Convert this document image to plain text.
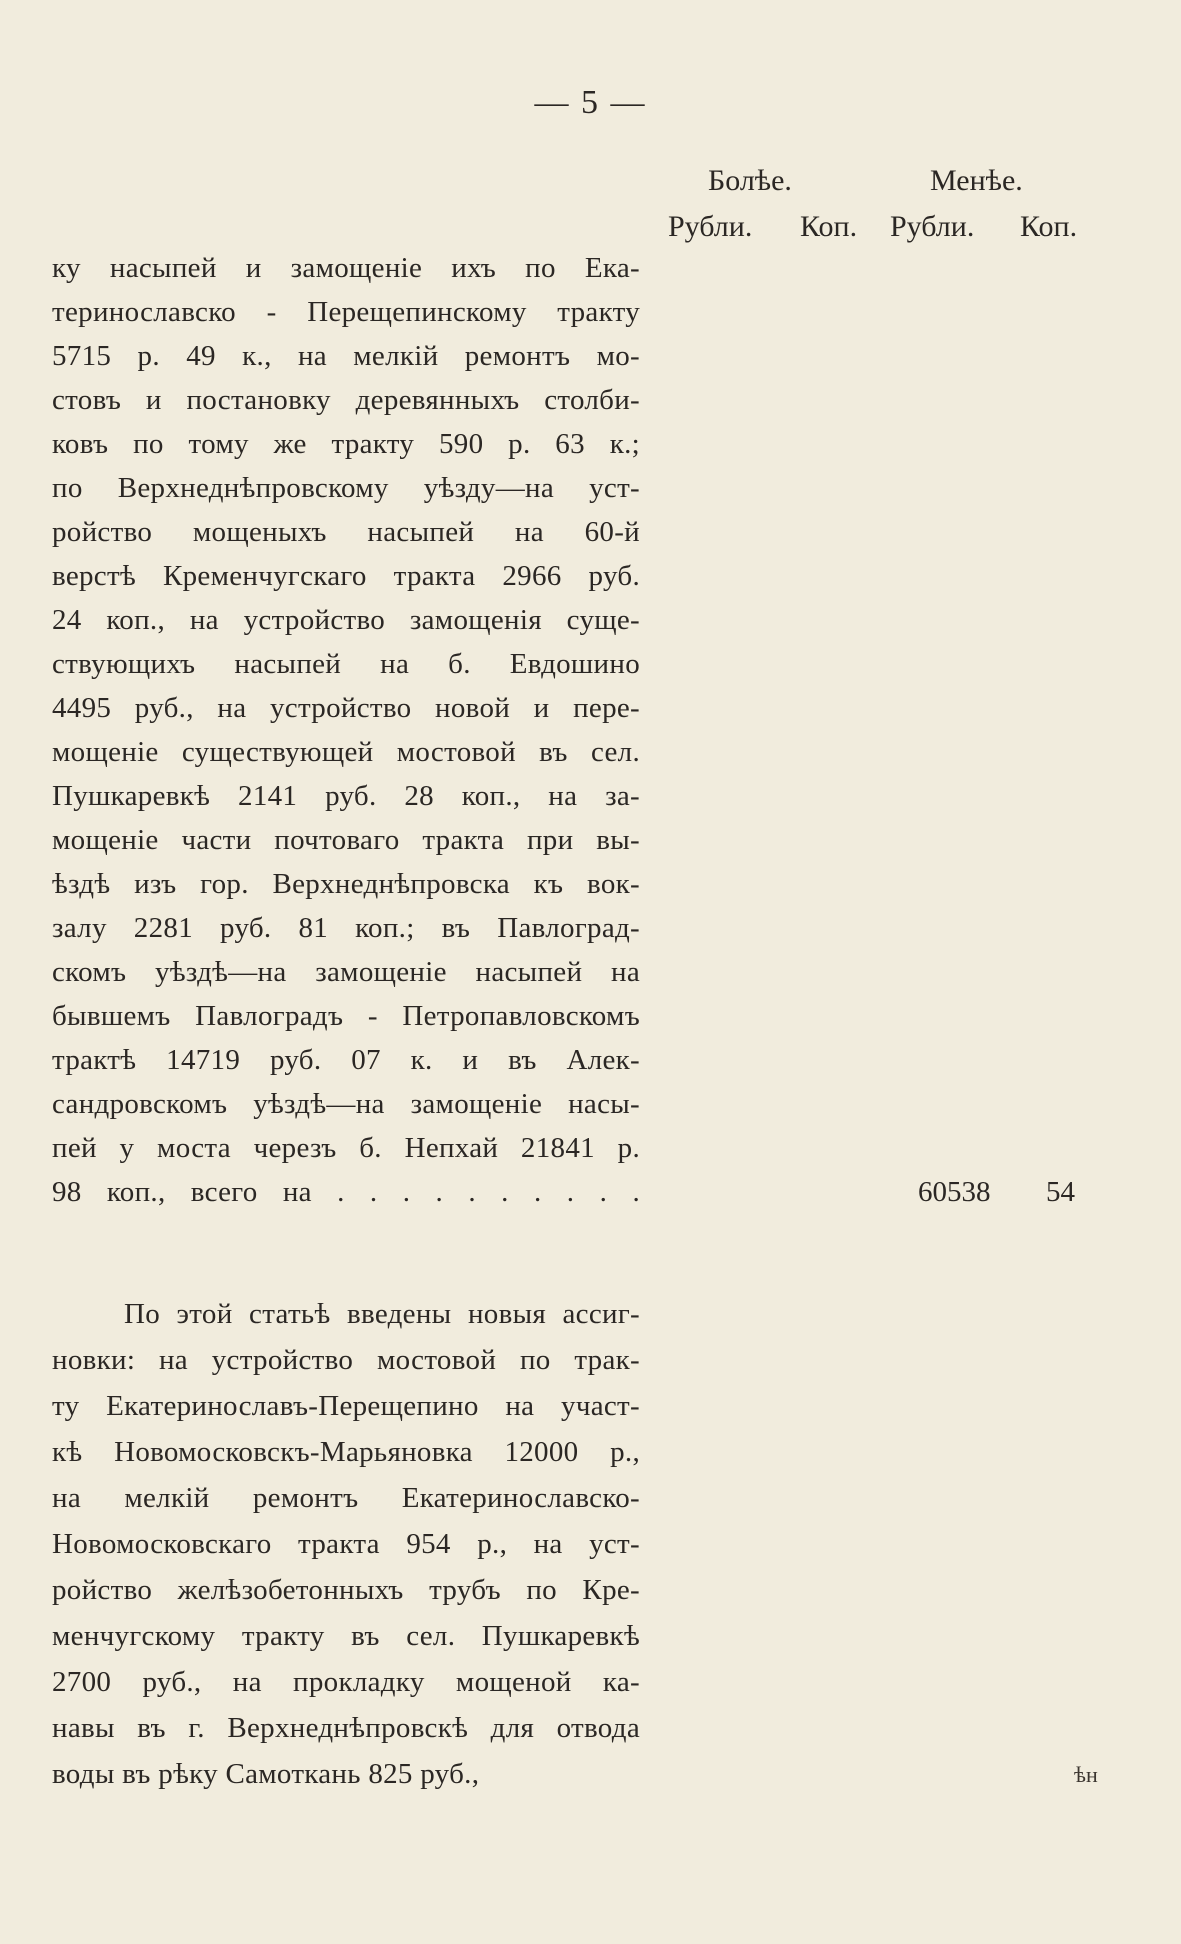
— 5 —
Болѣе.	Менѣе.
Рубли. Коп. Рубли. Коп.
ку насыпей и замощеніе ихъ по Ека-
теринославско - Перещепинскому тракту
5715 р. 49 к., на мелкій ремонтъ мо-
стовъ и постановку деревянныхъ столби-
ковъ по тому же тракту 590 р. 63 к.;
по Верхнеднѣпровскому уѣзду—на уст-
ройство мощеныхъ насыпей на 60-й
верстѣ Кременчугскаго тракта 2966 руб.
24 коп., на устройство замощенія суще-
ствующихъ насыпей на б. Евдошино
4495 руб., на устройство новой и пере-
мощеніе существующей мостовой въ сел.
Пушкаревкѣ 2141 руб. 28 коп., на за-
мощеніе части почтоваго тракта при вы-
ѣздѣ изъ гор. Верхнеднѣпровска къ вок-
залу 2281 руб. 81 коп.; въ Павлоград-
скомъ уѣздѣ—на замощеніе насыпей на
бывшемъ Павлоградъ - Петропавловскомъ
трактѣ 14719 руб. 07 к. и въ Алек-
сандровскомъ уѣздѣ—на замощеніе насы-
пей у моста черезъ б. Непхай 21841 р.
98 коп., всего на . . . . . . . . . .	60538 54
По этой статьѣ введены новыя ассиг-
новки: на устройство мостовой по трак-
ту Екатеринославъ-Перещепино на участ-
кѣ Новомосковскъ-Марьяновка 12000 р.,
на мелкій ремонтъ Екатеринославско-
Новомосковскаго тракта 954 р., на уст-
ройство желѣзобетонныхъ трубъ по Кре-
менчугскому тракту въ сел. Пушкаревкѣ
2700 руб., на прокладку мощеной ка-
навы въ г. Верхнеднѣпровскѣ для отвода
воды въ рѣку Самоткань 825 руб.,	ѣн
